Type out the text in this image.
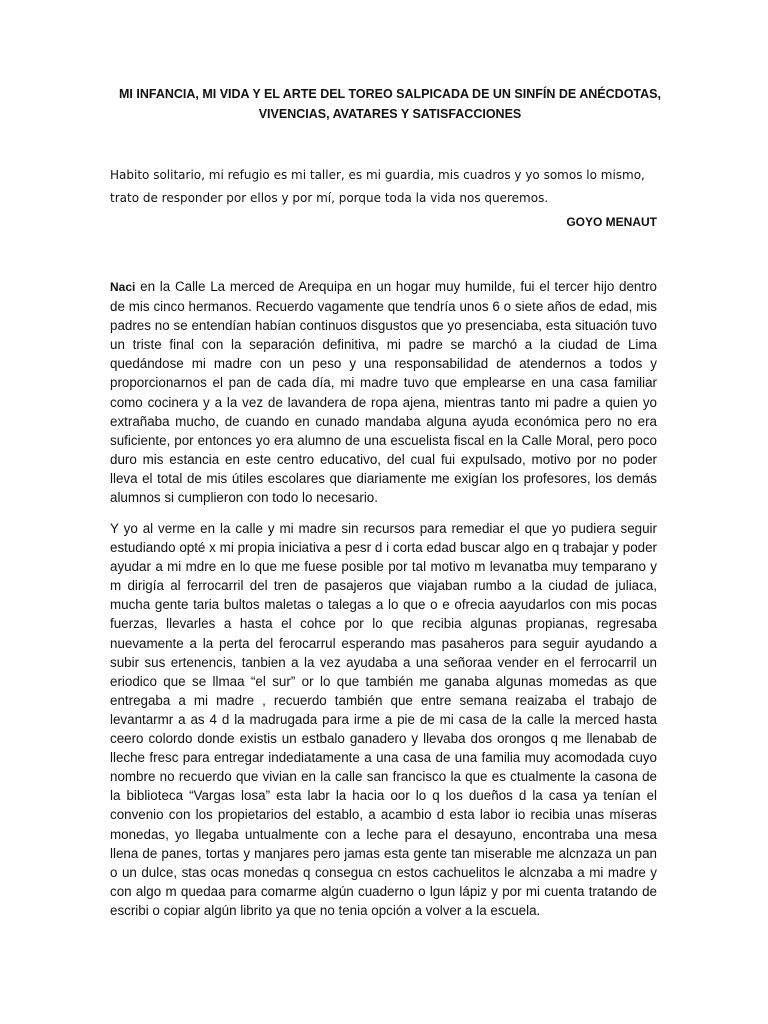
MI INFANCIA, MI VIDA Y EL ARTE DEL TOREO SALPICADA DE UN SINFÍN DE ANÉCDOTAS, VIVENCIAS, AVATARES Y SATISFACCIONES

Habito solitario, mi refugio es mi taller, es mi guardia, mis cuadros y yo somos lo mismo, trato de responder por ellos y por mí, porque toda la vida nos queremos.

GOYO MENAUT

Naci en la Calle La merced de Arequipa en un hogar muy humilde, fui el tercer hijo dentro de mis cinco hermanos. Recuerdo vagamente que tendría unos 6 o siete años de edad, mis padres no se entendían habían continuos disgustos que yo presenciaba, esta situación tuvo un triste final con la separación definitiva, mi padre se marchó a la ciudad de Lima quedándose mi madre con un peso y una responsabilidad de atendernos a todos y proporcionarnos el pan de cada día, mi madre tuvo que emplearse en una casa familiar como cocinera y a la vez de lavandera de ropa ajena, mientras tanto mi padre a quien yo extrañaba mucho, de cuando en cunado mandaba alguna ayuda económica pero no era suficiente, por entonces yo era alumno de una escuelista fiscal en la Calle Moral, pero poco duro mis estancia en este centro educativo, del cual fui expulsado, motivo por no poder lleva el total de mis útiles escolares que diariamente me exigían los profesores, los demás alumnos si cumplieron con todo lo necesario.

Y yo al verme en la calle y mi madre sin recursos para remediar el que yo pudiera seguir estudiando opté x mi propia iniciativa a pesr d i corta edad buscar algo en q trabajar y poder ayudar a mi mdre en lo que me fuese posible por tal motivo m levanatba muy temparano y m dirigía al ferrocarril del tren de pasajeros que viajaban rumbo a la ciudad de juliaca, mucha gente taria bultos maletas o talegas a lo que o e ofrecia aayudarlos con mis pocas fuerzas, llevarles a hasta el cohce por lo que recibia algunas propianas, regresaba nuevamente a la perta del ferocarrul esperando mas pasaheros para seguir ayudando a subir sus ertenencis, tanbien a la vez ayudaba a una señoraa vender en el ferrocarril un eriodico que se llmaa “el sur” or lo que también me ganaba algunas momedas as que entregaba a mi madre , recuerdo también que entre semana reaizaba el trabajo de levantarmr a as 4 d la madrugada para irme a pie de mi casa de la calle la merced hasta ceero colordo donde existis un estbalo ganadero y llevaba dos orongos q me llenabab de lleche fresc para entregar indediatamente a una casa de una familia muy acomodada cuyo nombre no recuerdo que vivian en la calle san francisco la que es ctualmente la casona de la biblioteca “Vargas losa” esta labr la hacia oor lo q los dueños d la casa ya tenían el convenio con los propietarios del establo, a acambio d esta labor io recibia unas míseras monedas, yo llegaba untualmente con a leche para el desayuno, encontraba una mesa llena de panes, tortas y manjares pero jamas esta gente tan miserable me alcnzaza un pan o un dulce, stas ocas monedas q consegua cn estos cachuelitos le alcnzaba a mi madre y con algo m quedaa para comarme algún cuaderno o lgun lápiz y por mi cuenta tratando de escribi o copiar algún librito ya que no tenia opción a volver a la escuela.
